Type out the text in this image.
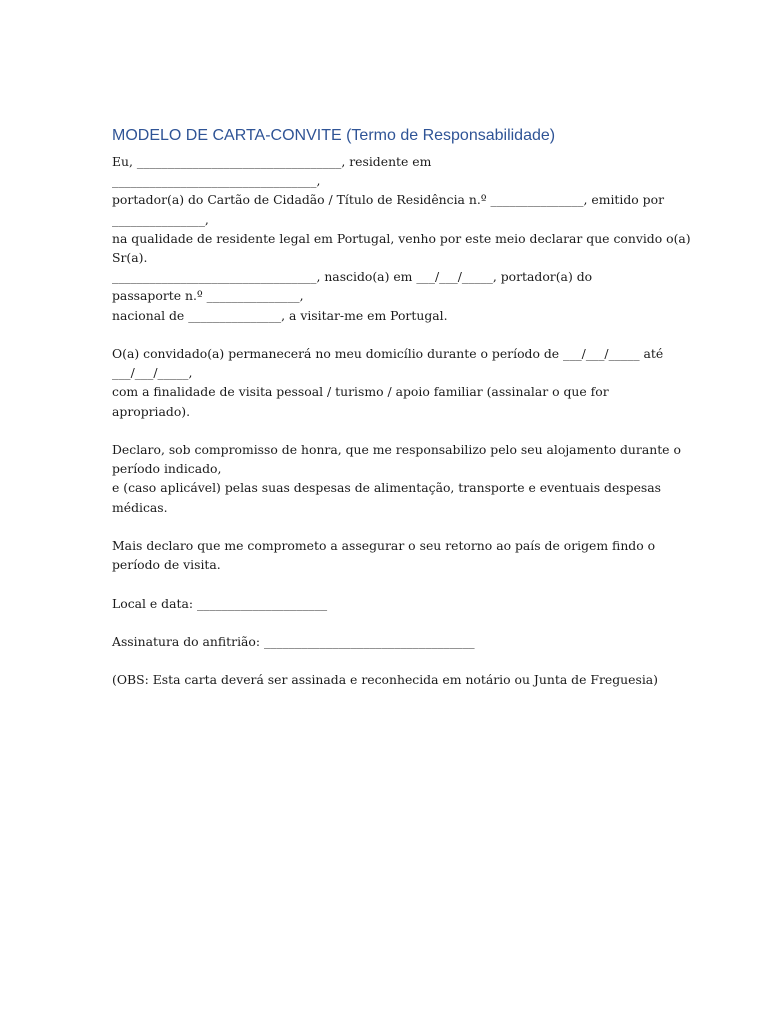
MODELO DE CARTA-CONVITE (Termo de Responsabilidade)

Eu, _________________________________, residente em

_________________________________,

portador(a) do Cartão de Cidadão / Título de Residência n.º _______________, emitido por

_______________,

na qualidade de residente legal em Portugal, venho por este meio declarar que convido o(a)

Sr(a).

_________________________________, nascido(a) em ___/___/_____, portador(a) do

passaporte n.º _______________,

nacional de _______________, a visitar-me em Portugal.

O(a) convidado(a) permanecerá no meu domicílio durante o período de ___/___/_____ até

___/___/_____,

com a finalidade de visita pessoal / turismo / apoio familiar (assinalar o que for

apropriado).

Declaro, sob compromisso de honra, que me responsabilizo pelo seu alojamento durante o

período indicado,

e (caso aplicável) pelas suas despesas de alimentação, transporte e eventuais despesas

médicas.

Mais declaro que me comprometo a assegurar o seu retorno ao país de origem findo o

período de visita.

Local e data: _____________________

Assinatura do anfitrião: __________________________________

(OBS: Esta carta deverá ser assinada e reconhecida em notário ou Junta de Freguesia)
